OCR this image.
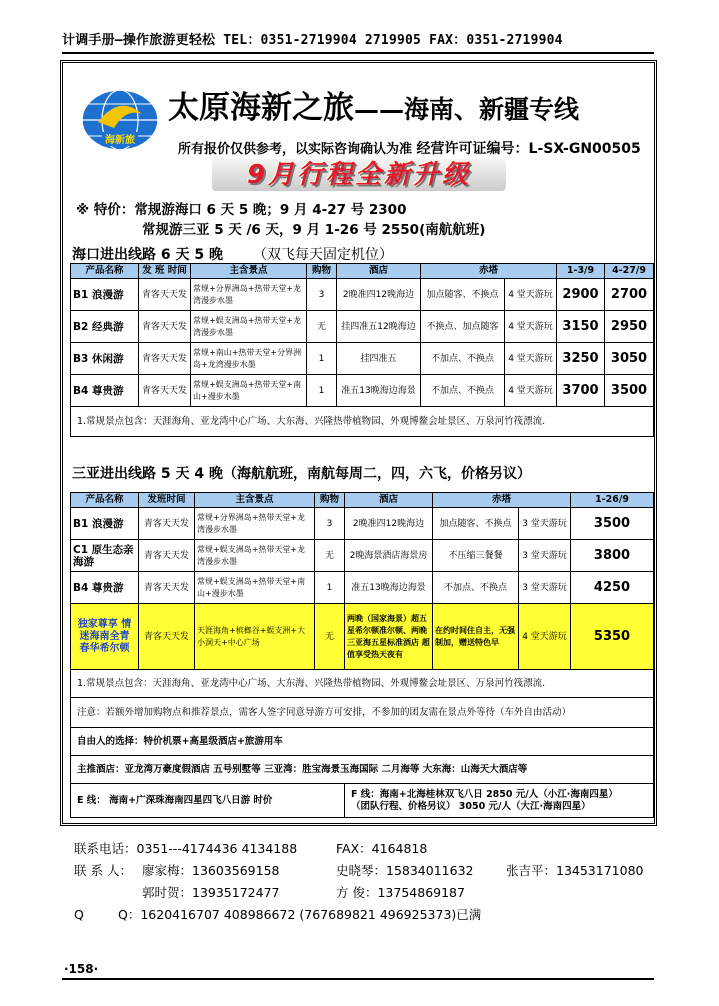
计调手册—操作旅游更轻松 TEL：0351-2719904 2719905 FAX：0351-2719904
海新旅
太原海新之旅——海南、新疆专线
所有报价仅供参考，以实际咨询确认为准 经营许可证编号：L-SX-GN00505
9月行程全新升级
※ 特价：常规游海口 6 天 5 晚；9 月 4-27 号 2300
常规游三亚 5 天 /6 天，9 月 1-26 号 2550(南航航班)
海口进出线路 6 天 5 晚 （双飞每天固定机位）
产品名称	发 班 时间	主含景点	购物	酒店	赤塔		1-3/9	4-27/9
B1 浪漫游	青客天天发	常规+分界洲岛+热带天堂+龙湾漫步水墨	3	2晚准四12晚海边	加点随客、不换点	4 堂天游玩	2900	2700
B2 经典游	青客天天发	常规+蜈支洲岛+热带天堂+龙湾漫步水墨	无	挂四准五12晚海边	不换点、加点随客	4 堂天游玩	3150	2950
B3 休闲游	青客天天发	常规+南山+热带天堂+分界洲岛+龙湾漫步水墨	1	挂四准五	不加点、不换点	4 堂天游玩	3250	3050
B4 尊贵游	青客天天发	常规+蜈支洲岛+热带天堂+南山+漫步水墨	1	准五13晚海边海景	不加点、不换点	4 堂天游玩	3700	3500
1.常规景点包含：天涯海角、亚龙湾中心广场、大东海、兴隆热带植物园、外观博鳌会址景区、万泉河竹筏漂流.								
三亚进出线路 5 天 4 晚（海航航班，南航每周二，四，六飞，价格另议）
产品名称	发班时间	主含景点	购物	酒店	赤塔		1-26/9
B1 浪漫游	青客天天发	常规+分界洲岛+热带天堂+龙湾漫步水墨	3	2晚准四12晚海边	加点随客、不换点	3 堂天游玩	3500
C1 原生态亲海游	青客天天发	常规+蜈支洲岛+热带天堂+龙湾漫步水墨	无	2晚海景酒店海景房	不压缩三餐餐	3 堂天游玩	3800
B4 尊贵游	青客天天发	常规+蜈支洲岛+热带天堂+南山+漫步水墨	1	准五13晚海边海景	不加点、不换点	3 堂天游玩	4250
独家尊享 情迷海南全青 春华希尔顿	青客天天发	天涯海角+槟榔谷+蜈支洲+大小洞天+中心广场	无	两晚（国家海景）超五星希尔顿准尔顿、两晚三亚海五星标准酒店 超值享受热天夜有	在约时间住自主，无强制加，赠送特色早	4 堂天游玩	5350
1.常规景点包含：天涯海角、亚龙湾中心广场、大东海、兴隆热带植物园、外观博鳌会址景区、万泉河竹筏漂流.							
注意：若额外增加购物点和推荐景点，需客人签字同意导游方可安排，不参加的团友需在景点外等待（车外自由活动）							
自由人的选择：特价机票+高星级酒店+旅游用车							
主推酒店：亚龙湾万豪度假酒店 五号别墅等 三亚湾：胜宝海景玉海国际 二月海等 大东海：山海天大酒店等							
E 线： 海南+广深珠海南四星四飞八日游 时价				F 线：海南+北海桂林双飞八日 2850 元/人（小江·海南四星）
（团队行程、价格另议） 3050 元/人（大江·海南四星）			
联系电话：0351---4174436 4134188	FAX：4164818
联 系 人： 廖家梅：13603569158	史晓琴：15834011632	张吉平：13453171080
郭时贺：13935172477	方 俊：13754869187
Q	Q：1620416707 408986672 (767689821 496925373)已满
·158·
